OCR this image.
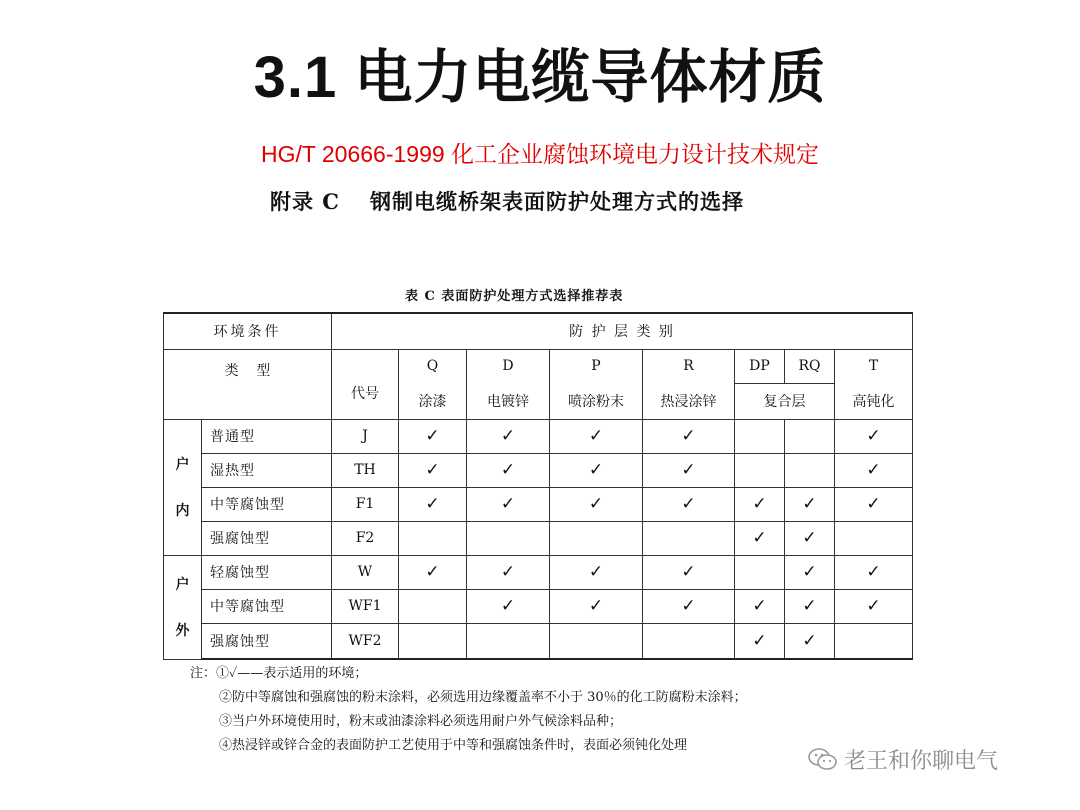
3.1 电力电缆导体材质
HG/T 20666-1999 化工企业腐蚀环境电力设计技术规定
附录 C 钢制电缆桥架表面防护处理方式的选择
表 C 表面防护处理方式选择推荐表
环境条件		防 护 层 类 别							
类    型		代号	Q	D	P	R	DP	RQ	T
			涂漆	电镀锌	喷涂粉末	热浸涂锌	复合层		高钝化

户
内	普通型	J	✓	✓	✓	✓			✓
	湿热型	TH	✓	✓	✓	✓			✓
	中等腐蚀型	F1	✓	✓	✓	✓	✓	✓	✓
	强腐蚀型	F2					✓	✓	

户
外	轻腐蚀型	W	✓	✓	✓	✓		✓	✓
	中等腐蚀型	WF1		✓	✓	✓	✓	✓	✓
	强腐蚀型	WF2					✓	✓	
注：①✓——表示适用的环境；
②防中等腐蚀和强腐蚀的粉末涂料，必须选用边缘覆盖率不小于 30％的化工防腐粉末涂料；
③当户外环境使用时，粉末或油漆涂料必须选用耐户外气候涂料品种；
④热浸锌或锌合金的表面防护工艺使用于中等和强腐蚀条件时，表面必须钝化处理
老王和你聊电气
